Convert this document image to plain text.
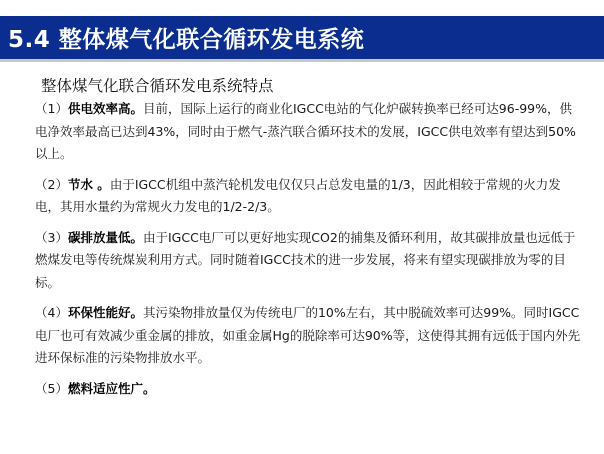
5.4 整体煤气化联合循环发电系统
整体煤气化联合循环发电系统特点

（1）供电效率高。目前，国际上运行的商业化IGCC电站的气化炉碳转换率已经可达96-99%，供电净效率最高已达到43%，同时由于燃气-蒸汽联合循环技术的发展，IGCC供电效率有望达到50%以上。

（2）节水 。由于IGCC机组中蒸汽轮机发电仅仅只占总发电量的1/3，因此相较于常规的火力发电，其用水量约为常规火力发电的1/2-2/3。

（3）碳排放量低。由于IGCC电厂可以更好地实现CO2的捕集及循环利用，故其碳排放量也远低于燃煤发电等传统煤炭利用方式。同时随着IGCC技术的进一步发展，将来有望实现碳排放为零的目标。

（4）环保性能好。其污染物排放量仅为传统电厂的10%左右，其中脱硫效率可达99%。同时IGCC电厂也可有效减少重金属的排放，如重金属Hg的脱除率可达90%等，这使得其拥有远低于国内外先进环保标准的污染物排放水平。

（5）燃料适应性广。
